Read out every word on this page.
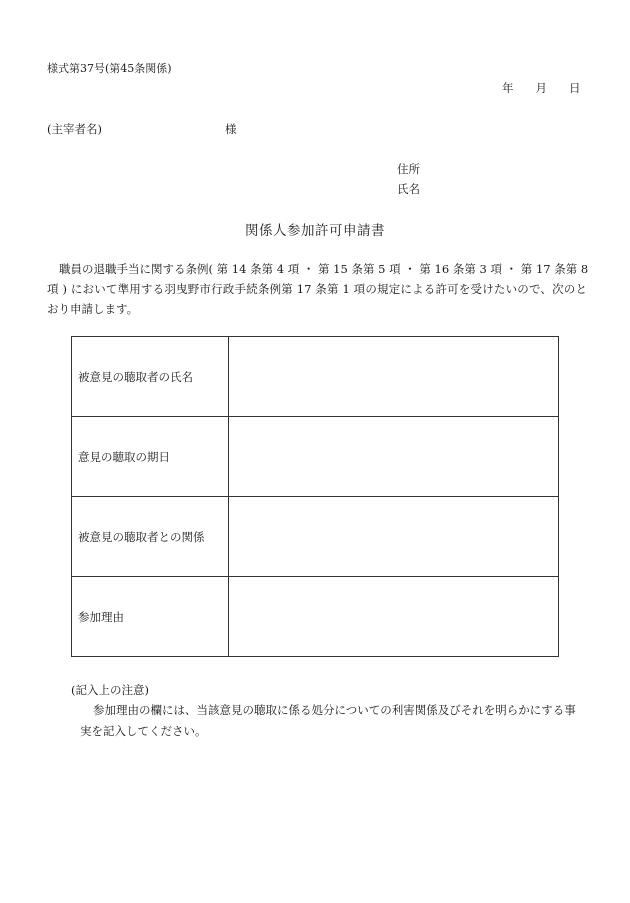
様式第37号(第45条関係)
年 月 日
(主宰者名)	様
住所
氏名
関係人参加許可申請書
職員の退職手当に関する条例( 第 14 条第 4 項 ・ 第 15 条第 5 項 ・ 第 16 条第 3 項 ・ 第 17 条第 8
項 ) において準用する羽曳野市行政手続条例第 17 条第 1 項の規定による許可を受けたいので、次のと
おり申請します。
被意見の聴取者の氏名	
意見の聴取の期日	
被意見の聴取者との関係	
参加理由	
(記入上の注意)
参加理由の欄には、当該意見の聴取に係る処分についての利害関係及びそれを明らかにする事
実を記入してください。
